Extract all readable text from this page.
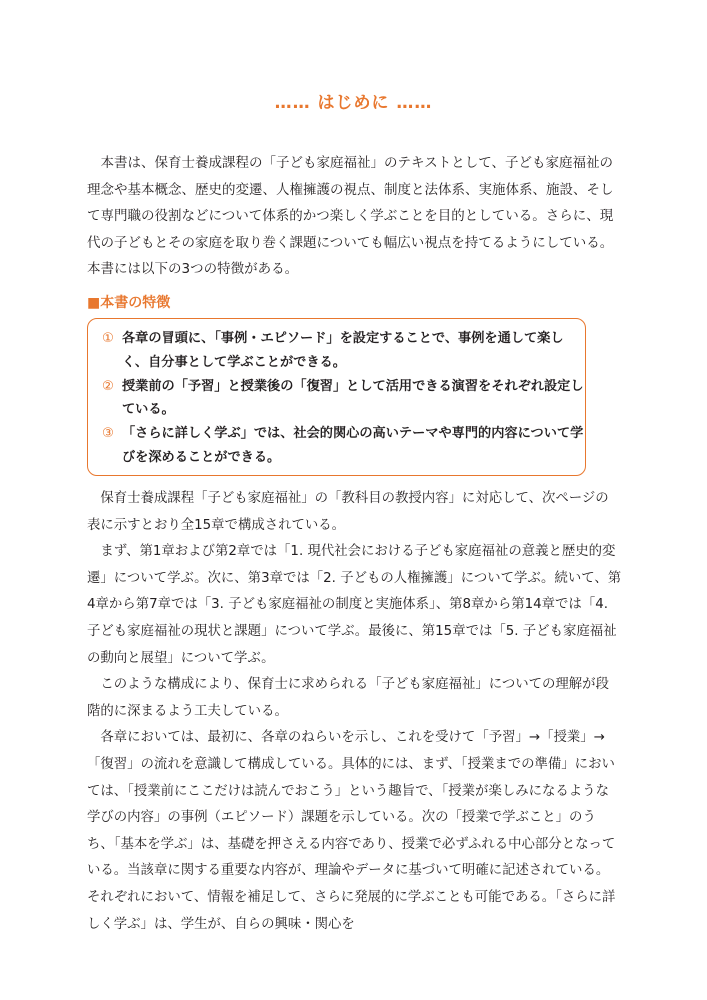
…… はじめに ……

本書は、保育士養成課程の「子ども家庭福祉」のテキストとして、子ども家庭福祉の理念や基本概念、歴史的変遷、人権擁護の視点、制度と法体系、実施体系、施設、そして専門職の役割などについて体系的かつ楽しく学ぶことを目的としている。さらに、現代の子どもとその家庭を取り巻く課題についても幅広い視点を持てるようにしている。本書には以下の3つの特徴がある。

■本書の特徴
① 各章の冒頭に、「事例・エピソード」を設定することで、事例を通して楽しく、自分事として学ぶことができる。
② 授業前の「予習」と授業後の「復習」として活用できる演習をそれぞれ設定している。
③ 「さらに詳しく学ぶ」では、社会的関心の高いテーマや専門的内容について学びを深めることができる。

保育士養成課程「子ども家庭福祉」の「教科目の教授内容」に対応して、次ページの表に示すとおり全15章で構成されている。

まず、第1章および第2章では「1. 現代社会における子ども家庭福祉の意義と歴史的変遷」について学ぶ。次に、第3章では「2. 子どもの人権擁護」について学ぶ。続いて、第4章から第7章では「3. 子ども家庭福祉の制度と実施体系」、第8章から第14章では「4. 子ども家庭福祉の現状と課題」について学ぶ。最後に、第15章では「5. 子ども家庭福祉の動向と展望」について学ぶ。

このような構成により、保育士に求められる「子ども家庭福祉」についての理解が段階的に深まるよう工夫している。

各章においては、最初に、各章のねらいを示し、これを受けて「予習」→「授業」→「復習」の流れを意識して構成している。具体的には、まず、「授業までの準備」においては、「授業前にここだけは読んでおこう」という趣旨で、「授業が楽しみになるような学びの内容」の事例（エピソード）課題を示している。次の「授業で学ぶこと」のうち、「基本を学ぶ」は、基礎を押さえる内容であり、授業で必ずふれる中心部分となっている。当該章に関する重要な内容が、理論やデータに基づいて明確に記述されている。それぞれにおいて、情報を補足して、さらに発展的に学ぶことも可能である。「さらに詳しく学ぶ」は、学生が、自らの興味・関心を
